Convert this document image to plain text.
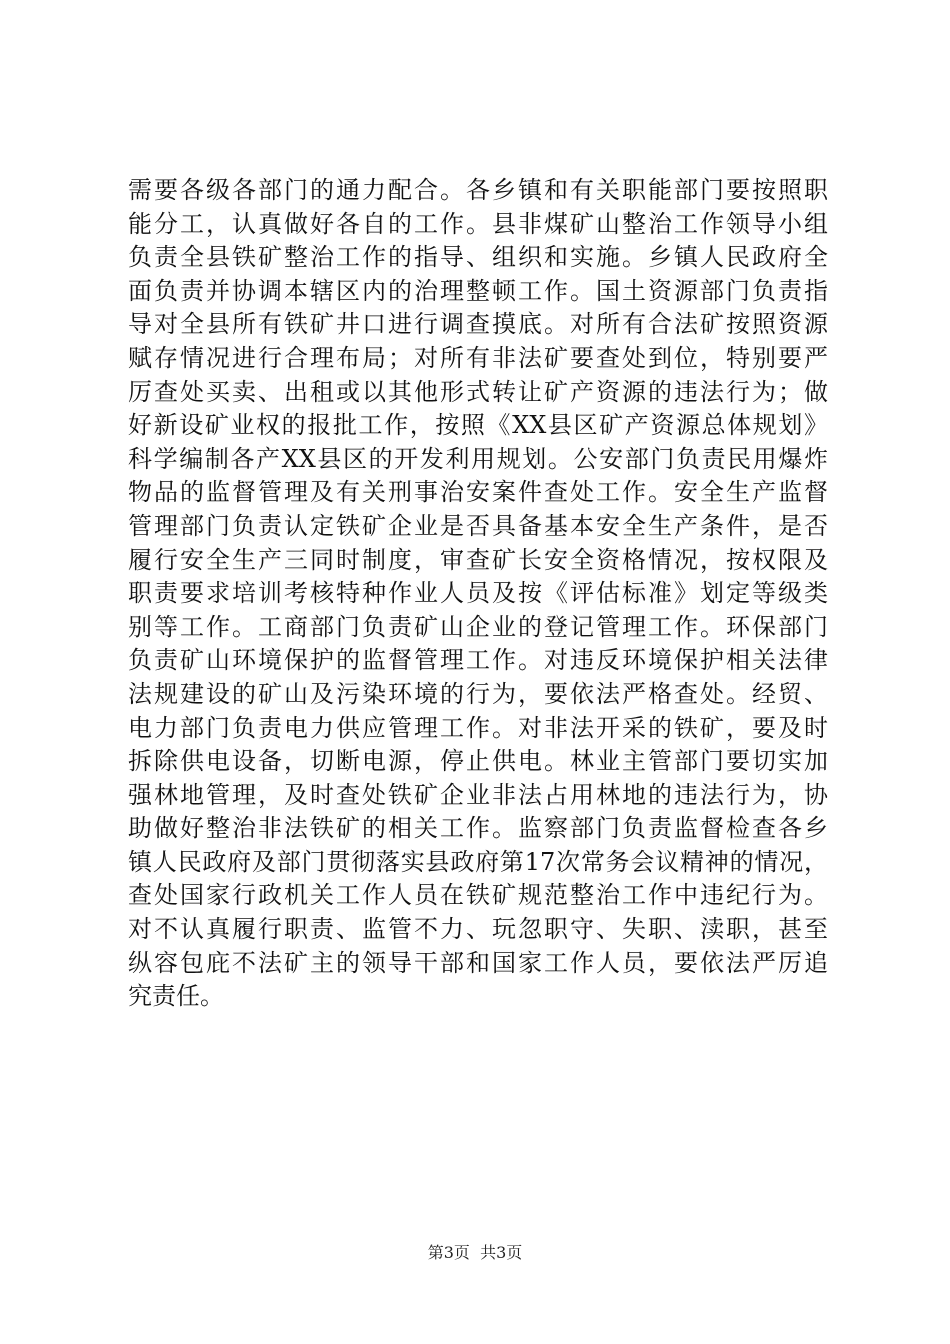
需要各级各部门的通力配合。各乡镇和有关职能部门要按照职
能分工，认真做好各自的工作。县非煤矿山整治工作领导小组
负责全县铁矿整治工作的指导、组织和实施。乡镇人民政府全
面负责并协调本辖区内的治理整顿工作。国土资源部门负责指
导对全县所有铁矿井口进行调查摸底。对所有合法矿按照资源
赋存情况进行合理布局；对所有非法矿要查处到位，特别要严
厉查处买卖、出租或以其他形式转让矿产资源的违法行为；做
好新设矿业权的报批工作，按照《XX县区矿产资源总体规划》
科学编制各产XX县区的开发利用规划。公安部门负责民用爆炸
物品的监督管理及有关刑事治安案件查处工作。安全生产监督
管理部门负责认定铁矿企业是否具备基本安全生产条件，是否
履行安全生产三同时制度，审查矿长安全资格情况，按权限及
职责要求培训考核特种作业人员及按《评估标准》划定等级类
别等工作。工商部门负责矿山企业的登记管理工作。环保部门
负责矿山环境保护的监督管理工作。对违反环境保护相关法律
法规建设的矿山及污染环境的行为，要依法严格查处。经贸、
电力部门负责电力供应管理工作。对非法开采的铁矿，要及时
拆除供电设备，切断电源，停止供电。林业主管部门要切实加
强林地管理，及时查处铁矿企业非法占用林地的违法行为，协
助做好整治非法铁矿的相关工作。监察部门负责监督检查各乡
镇人民政府及部门贯彻落实县政府第17次常务会议精神的情况，
查处国家行政机关工作人员在铁矿规范整治工作中违纪行为。
对不认真履行职责、监管不力、玩忽职守、失职、渎职，甚至
纵容包庇不法矿主的领导干部和国家工作人员，要依法严厉追
究责任。
第3页  共3页
